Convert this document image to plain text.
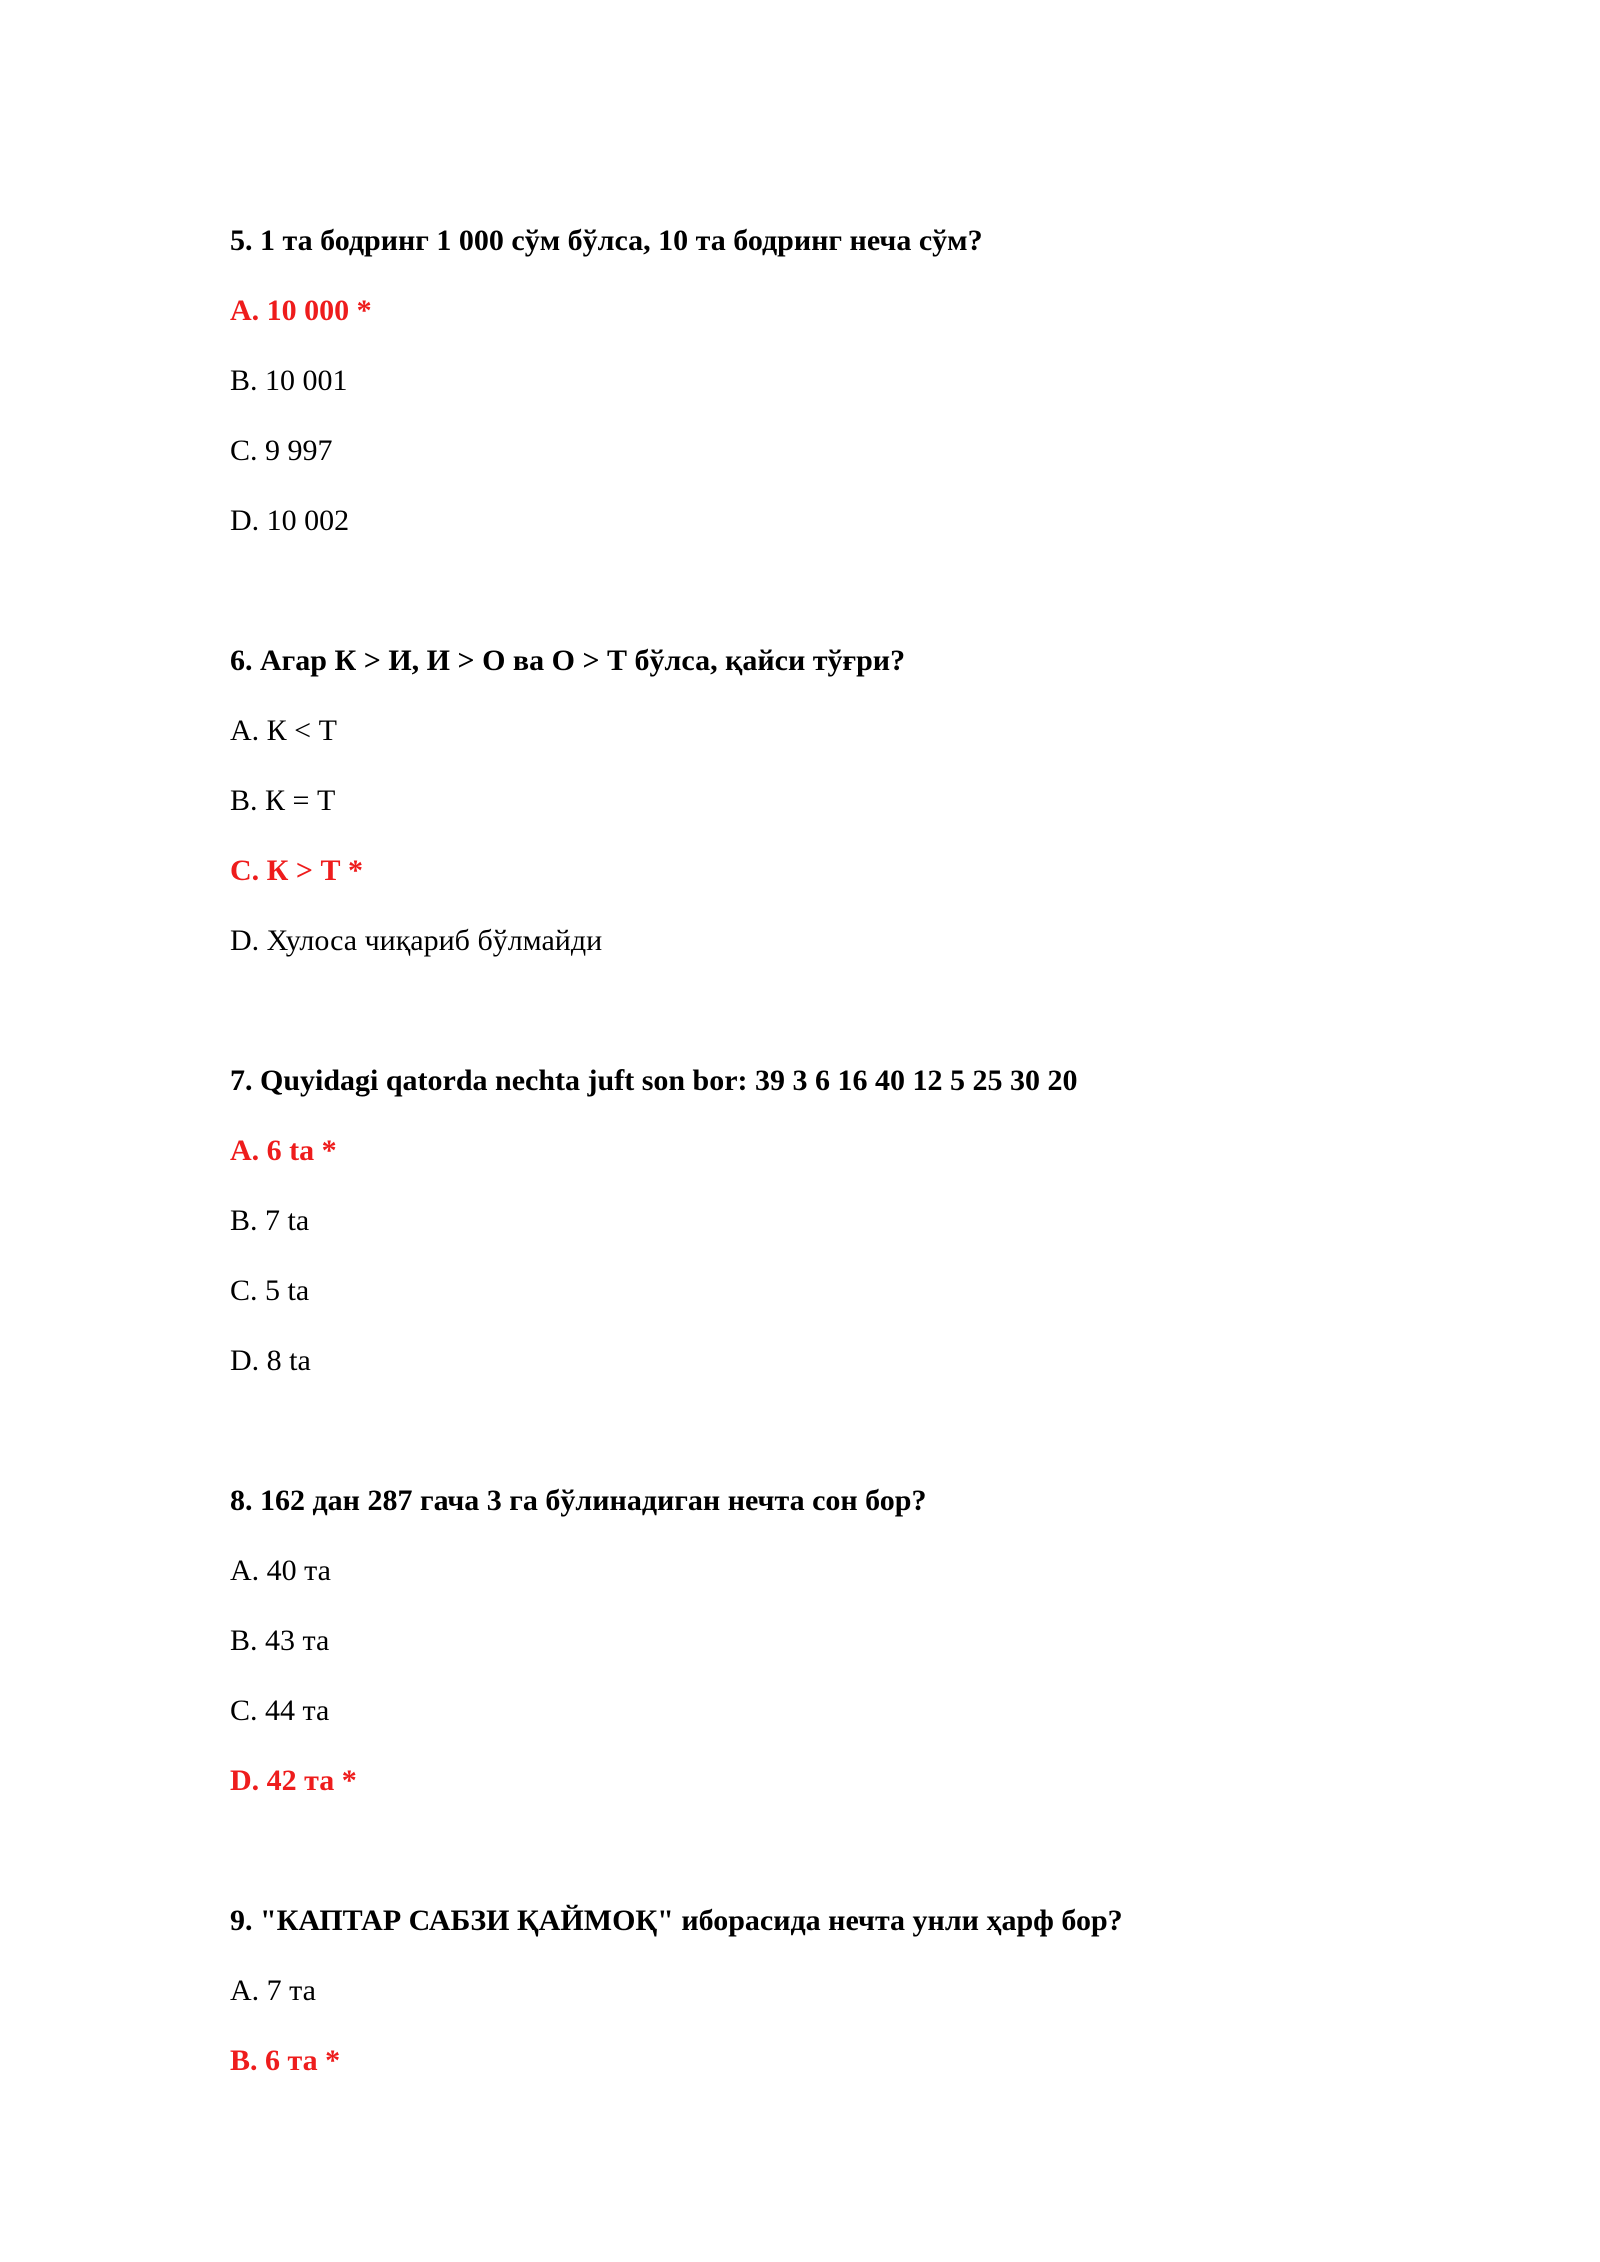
5. 1 та бодринг 1 000 сўм бўлса, 10 та бодринг неча сўм?
A. 10 000 *
B. 10 001
C. 9 997
D. 10 002
6. Агар К > И, И > О ва О > Т бўлса, қайси тўғри?
A. К < Т
B. К = Т
C. К > Т *
D. Хулоса чиқариб бўлмайди
7. Quyidagi qatorda nechta juft son bor: 39 3 6 16 40 12 5 25 30 20
A. 6 ta *
B. 7 ta
C. 5 ta
D. 8 ta
8. 162 дан 287 гача 3 га бўлинадиган нечта сон бор?
A. 40 та
B. 43 та
C. 44 та
D. 42 та *
9. "КАПТАР САБЗИ ҚАЙМОҚ" иборасида нечта унли ҳарф бор?
A. 7 та
B. 6 та *
